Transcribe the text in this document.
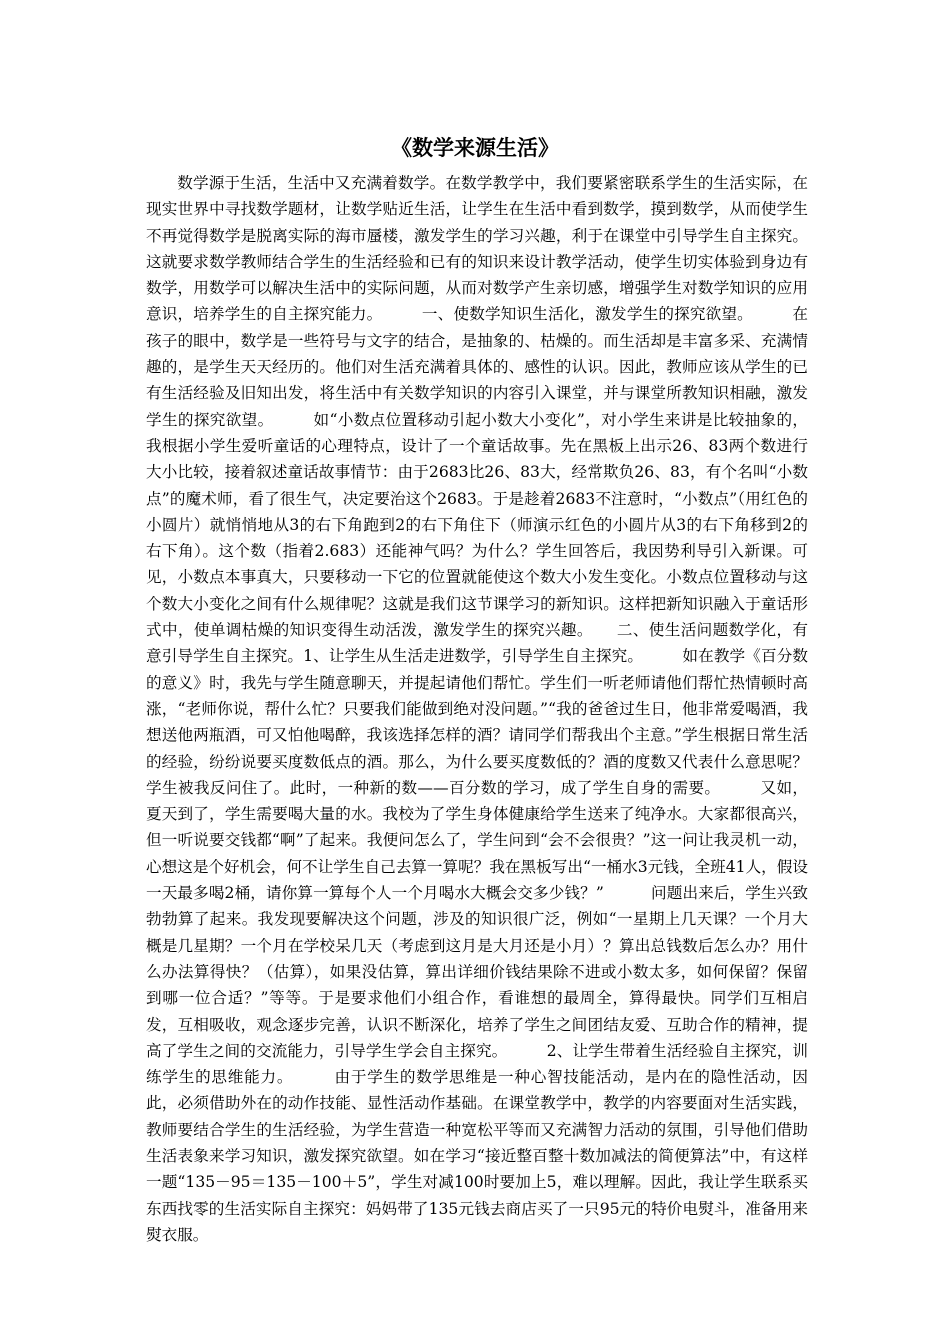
《数学来源生活》

数学源于生活，生活中又充满着数学。在数学教学中，我们要紧密联系学生的生活实际，在现实世界中寻找数学题材，让数学贴近生活，让学生在生活中看到数学，摸到数学，从而使学生不再觉得数学是脱离实际的海市蜃楼，激发学生的学习兴趣，利于在课堂中引导学生自主探究。这就要求数学教师结合学生的生活经验和已有的知识来设计教学活动，使学生切实体验到身边有数学，用数学可以解决生活中的实际问题，从而对数学产生亲切感，增强学生对数学知识的应用意识，培养学生的自主探究能力。　　　一、使数学知识生活化，激发学生的探究欲望。　　　在孩子的眼中，数学是一些符号与文字的结合，是抽象的、枯燥的。而生活却是丰富多采、充满情趣的，是学生天天经历的。他们对生活充满着具体的、感性的认识。因此，教师应该从学生的已有生活经验及旧知出发，将生活中有关数学知识的内容引入课堂，并与课堂所教知识相融，激发学生的探究欲望。　　　如“小数点位置移动引起小数大小变化”，对小学生来讲是比较抽象的，我根据小学生爱听童话的心理特点，设计了一个童话故事。先在黑板上出示26、83两个数进行大小比较，接着叙述童话故事情节：由于2683比26、83大，经常欺负26、83，有个名叫“小数点”的魔术师，看了很生气，决定要治这个2683。于是趁着2683不注意时，“小数点”（用红色的小圆片）就悄悄地从3的右下角跑到2的右下角住下（师演示红色的小圆片从3的右下角移到2的右下角）。这个数（指着2.683）还能神气吗？为什么？学生回答后，我因势利导引入新课。可见，小数点本事真大，只要移动一下它的位置就能使这个数大小发生变化。小数点位置移动与这个数大小变化之间有什么规律呢？这就是我们这节课学习的新知识。这样把新知识融入于童话形式中，使单调枯燥的知识变得生动活泼，激发学生的探究兴趣。　　二、使生活问题数学化，有意引导学生自主探究。1、让学生从生活走进数学，引导学生自主探究。　　　如在教学《百分数的意义》时，我先与学生随意聊天，并提起请他们帮忙。学生们一听老师请他们帮忙热情顿时高涨，“老师你说，帮什么忙？只要我们能做到绝对没问题。”“我的爸爸过生日，他非常爱喝酒，我想送他两瓶酒，可又怕他喝醉，我该选择怎样的酒？请同学们帮我出个主意。”学生根据日常生活的经验，纷纷说要买度数低点的酒。那么，为什么要买度数低的？酒的度数又代表什么意思呢？学生被我反问住了。此时，一种新的数——百分数的学习，成了学生自身的需要。　　　又如，夏天到了，学生需要喝大量的水。我校为了学生身体健康给学生送来了纯净水。大家都很高兴，但一听说要交钱都“啊”了起来。我便问怎么了，学生问到“会不会很贵？”这一问让我灵机一动，心想这是个好机会，何不让学生自己去算一算呢？我在黑板写出“一桶水3元钱，全班41人，假设一天最多喝2桶，请你算一算每个人一个月喝水大概会交多少钱？”　　　问题出来后，学生兴致勃勃算了起来。我发现要解决这个问题，涉及的知识很广泛，例如“一星期上几天课？一个月大概是几星期？一个月在学校呆几天（考虑到这月是大月还是小月）？算出总钱数后怎么办？用什么办法算得快？（估算），如果没估算，算出详细价钱结果除不进或小数太多，如何保留？保留到哪一位合适？”等等。于是要求他们小组合作，看谁想的最周全，算得最快。同学们互相启发，互相吸收，观念逐步完善，认识不断深化，培养了学生之间团结友爱、互助合作的精神，提高了学生之间的交流能力，引导学生学会自主探究。　　　2、让学生带着生活经验自主探究，训练学生的思维能力。　　　由于学生的数学思维是一种心智技能活动，是内在的隐性活动，因此，必须借助外在的动作技能、显性活动作基础。在课堂教学中，教学的内容要面对生活实践，教师要结合学生的生活经验，为学生营造一种宽松平等而又充满智力活动的氛围，引导他们借助生活表象来学习知识，激发探究欲望。如在学习“接近整百整十数加减法的简便算法”中，有这样一题“135－95＝135－100＋5”，学生对减100时要加上5，难以理解。因此，我让学生联系买东西找零的生活实际自主探究：妈妈带了135元钱去商店买了一只95元的特价电熨斗，准备用来熨衣服。
